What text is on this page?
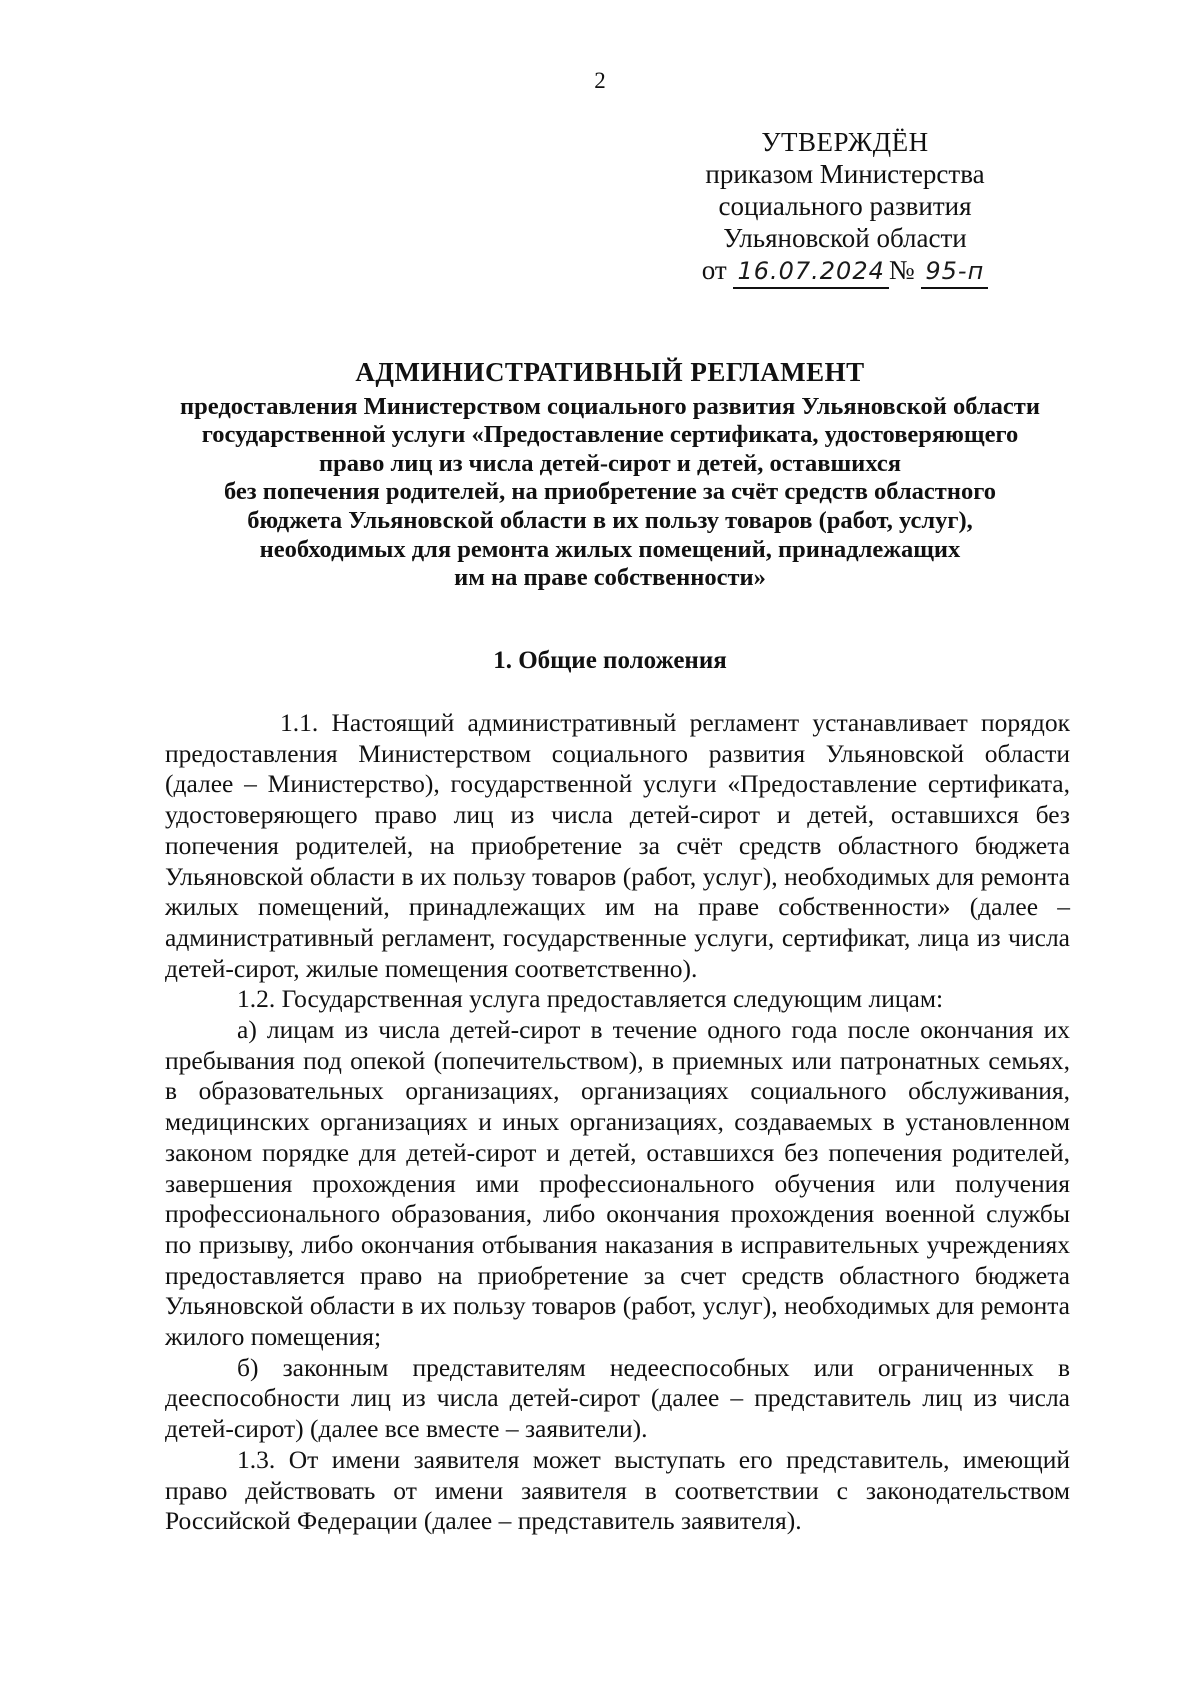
2
УТВЕРЖДЁН
приказом Министерства
социального развития
Ульяновской области
от 16.07.2024 № 95-п
АДМИНИСТРАТИВНЫЙ РЕГЛАМЕНТ
предоставления Министерством социального развития Ульяновской области
государственной услуги «Предоставление сертификата, удостоверяющего
право лиц из числа детей-сирот и детей, оставшихся
без попечения родителей, на приобретение за счёт средств областного
бюджета Ульяновской области в их пользу товаров (работ, услуг),
необходимых для ремонта жилых помещений, принадлежащих
им на праве собственности»
1. Общие положения

1.1. Настоящий административный регламент устанавливает порядок предоставления Министерством социального развития Ульяновской области (далее – Министерство), государственной услуги «Предоставление сертификата, удостоверяющего право лиц из числа детей-сирот и детей, оставшихся без попечения родителей, на приобретение за счёт средств областного бюджета Ульяновской области в их пользу товаров (работ, услуг), необходимых для ремонта жилых помещений, принадлежащих им на праве собственности» (далее – административный регламент, государственные услуги, сертификат, лица из числа детей-сирот, жилые помещения соответственно).

1.2. Государственная услуга предоставляется следующим лицам:

а) лицам из числа детей-сирот в течение одного года после окончания их пребывания под опекой (попечительством), в приемных или патронатных семьях, в образовательных организациях, организациях социального обслуживания, медицинских организациях и иных организациях, создаваемых в установленном законом порядке для детей-сирот и детей, оставшихся без попечения родителей, завершения прохождения ими профессионального обучения или получения профессионального образования, либо окончания прохождения военной службы по призыву, либо окончания отбывания наказания в исправительных учреждениях предоставляется право на приобретение за счет средств областного бюджета Ульяновской области в их пользу товаров (работ, услуг), необходимых для ремонта жилого помещения;

б) законным представителям недееспособных или ограниченных в дееспособности лиц из числа детей-сирот (далее – представитель лиц из числа детей-сирот) (далее все вместе – заявители).

1.3. От имени заявителя может выступать его представитель, имеющий право действовать от имени заявителя в соответствии с законодательством Российской Федерации (далее – представитель заявителя).
